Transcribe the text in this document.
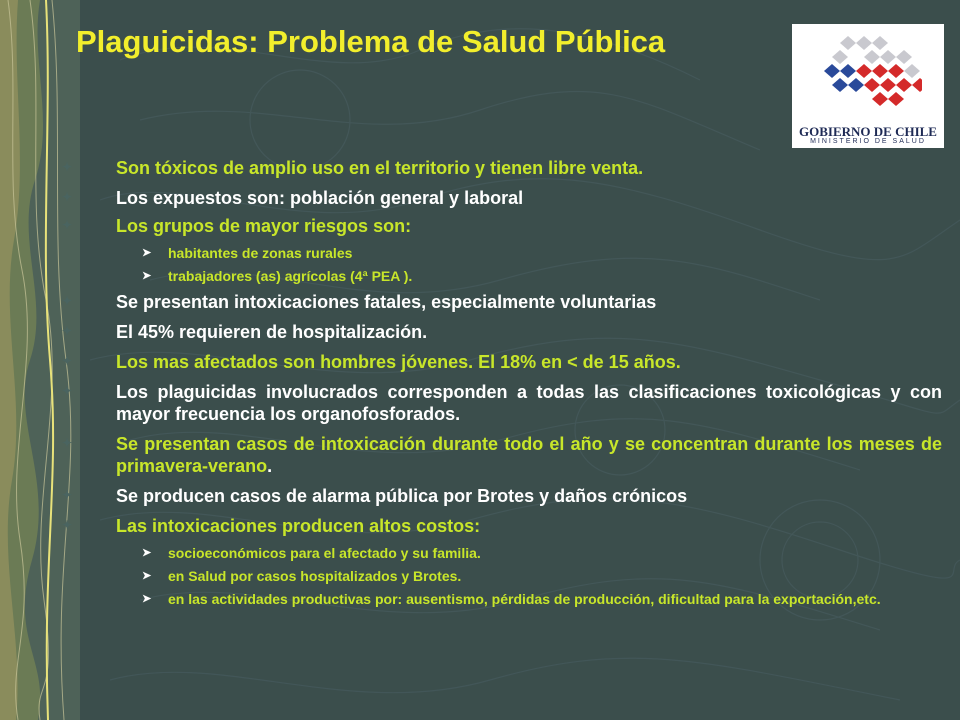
Plaguicidas: Problema de Salud Pública
GOBIERNO DE CHILE
MINISTERIO DE SALUD
✦ Son tóxicos de amplio uso en el territorio y tienen libre venta.
✦ Los expuestos son: población general y laboral
✦ Los grupos de mayor riesgos son:
➤ habitantes de zonas rurales
➤ trabajadores (as) agrícolas (4ª PEA ).
✦ Se presentan intoxicaciones fatales, especialmente voluntarias
✦ El 45% requieren de hospitalización.
✦ Los mas afectados son hombres jóvenes. El 18% en < de 15 años.
✦ Los plaguicidas involucrados corresponden a todas las clasificaciones toxicológicas y con mayor frecuencia los organofosforados.
✦ Se presentan casos de intoxicación durante todo el año y se concentran durante los meses de primavera-verano.
✦ Se producen casos de alarma pública por Brotes y daños crónicos
✦ Las intoxicaciones producen altos costos:
➤ socioeconómicos para el afectado y su familia.
➤ en Salud por casos hospitalizados y Brotes.
➤ en las actividades productivas por: ausentismo, pérdidas de producción, dificultad para la exportación,etc.
